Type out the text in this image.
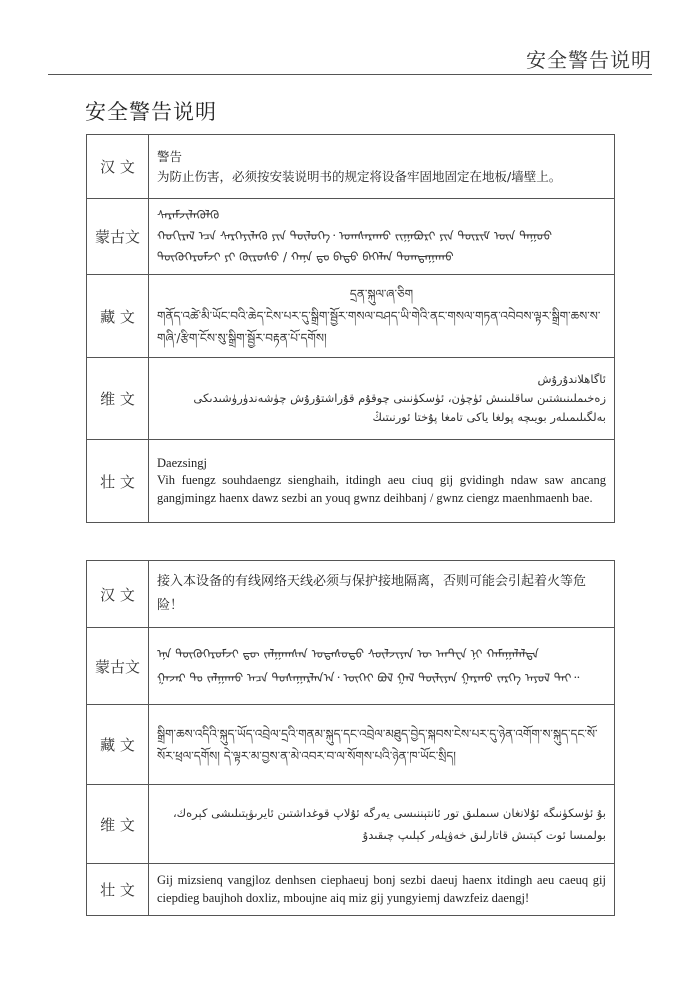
安全警告说明
安全警告说明
汉 文	警告
为防止伤害，必须按安装说明书的规定将设备牢固地固定在地板/墙壁上。

蒙古文	ᠰᠡᠷᠡᠮᠵᠢᠯᠡᠭᠦᠯᠬᠦ
ᠬᠣᠬᠢᠷᠠᠯ ᠡᠴᠡ ᠰᠡᠷᠭᠡᠶᠢᠯᠡᠬᠦ ᠶᠢᠨ ᠲᠥᠯᠥᠭᠡ᠂ ᠤᠭᠰᠠᠷᠠᠬᠤ ᠵᠢᠭᠠᠪᠤᠷᠢ ᠶᠢᠨ ᠳᠦᠷᠢᠮ ᠦᠨ ᠳᠠᠭᠤᠤ
ᠲᠥᠬᠥᠭᠡᠷᠦᠮᠵᠢ ᠶᠢ ᠬᠥᠷᠥᠰᠦ / ᠬᠠᠨᠠ ᠳᠤ ᠪᠠᠲᠤ ᠪᠡᠬᠡᠯᠡᠨ ᠲᠣᠭᠲᠠᠭᠠᠬᠤ

藏 文	དྲན་སྐུལ་ཞ་ཅིག
གནོད་འཚེ་མི་ཡོང་བའི་ཆེད་ངེས་པར་དུ་སྒྲིག་སྦྱོར་གསལ་བཤད་ཡི་གེའི་ནང་གསལ་གཏན་འབེབས་ལྟར་སྒྲིག་ཆས་ས་གཞི་/རྩིག་ངོས་སུ་སྒྲིག་སྦྱོར་བརྟན་པོ་དགོས།

维 文	ئاگاھلاندۇرۇش
زەخىملىنىشتىن ساقلىنىش ئۈچۈن، ئۈسكۈنىنى چوقۇم قۇراشتۇرۇش چۈشەندۈرۈشىدىكى بەلگىلىمىلەر بويىچە پولغا ياكى تامغا پۇختا ئورنىتىڭ

壮 文	Daezsingj
Vih fuengz souhdaengz sienghaih, itdingh aeu ciuq gij gvidingh ndaw saw ancang gangjmingz haenx dawz sezbi an youq gwnz deihbanj / gwnz ciengz maenhmaenh bae.
汉 文	接入本设备的有线网络天线必须与保护接地隔离，否则可能会引起着火等危险！

蒙古文	ᠡᠨᠡ ᠲᠥᠬᠥᠭᠡᠷᠦᠮᠵᠢ ᠳᠦ ᠵᠠᠯᠭᠠᠭᠰᠠᠨ ᠤᠲᠠᠰᠤᠲᠤ ᠰᠦᠯᠵᠢᠶᠡᠨ ᠦ ᠠᠨᠲ᠋ᠧᠨ ᠨᠢ ᠬᠠᠮᠠᠭᠠᠯᠠᠯᠲᠠ
ᠭᠠᠵᠠᠷ ᠲᠤ ᠵᠠᠯᠭᠠᠬᠤ ᠠᠴᠠ ᠲᠤᠰᠠᠭᠠᠷᠯᠠᠨ᠎ᠠ᠂ ᠦᠭᠡᠢ ᠪᠣᠯ ᠭᠠᠯ ᠲᠦᠯᠢᠶᠡᠨ ᠭᠠᠷᠬᠤ ᠵᠡᠷᠭᠡ ᠠᠶᠤᠯ ᠲᠠᠢ᠃

藏 文	སྒྲིག་ཆས་འདིའི་སྐུད་ཡོད་འབྲེལ་དྲའི་གནམ་སྐུད་དང་འབྲེལ་མཐུད་བྱེད་སྐབས་ངེས་པར་དུ་ཉེན་འགོག་ས་སྐུད་དང་སོ་སོར་ཕྲལ་དགོས། དེ་ལྟར་མ་བྱས་ན་མེ་འབར་བ་ལ་སོགས་པའི་ཉེན་ཁ་ཡོང་སྲིད།

维 文	بۇ ئۈسكۈنىگە ئۇلانغان سىملىق تور ئانتېننىسى يەرگە ئۇلاپ قوغداشتىن ئايرىۋېتىلىشى كېرەك، بولمىسا ئوت كېتىش قاتارلىق خەۋپلەر كېلىپ چىقىدۇ

壮 文	Gij mizsienq vangjloz denhsen ciephaeuj bonj sezbi daeuj haenx itdingh aeu caeuq gij ciepdieg baujhoh doxliz, mboujne aiq miz gij yungyiemj dawzfeiz daengj!
